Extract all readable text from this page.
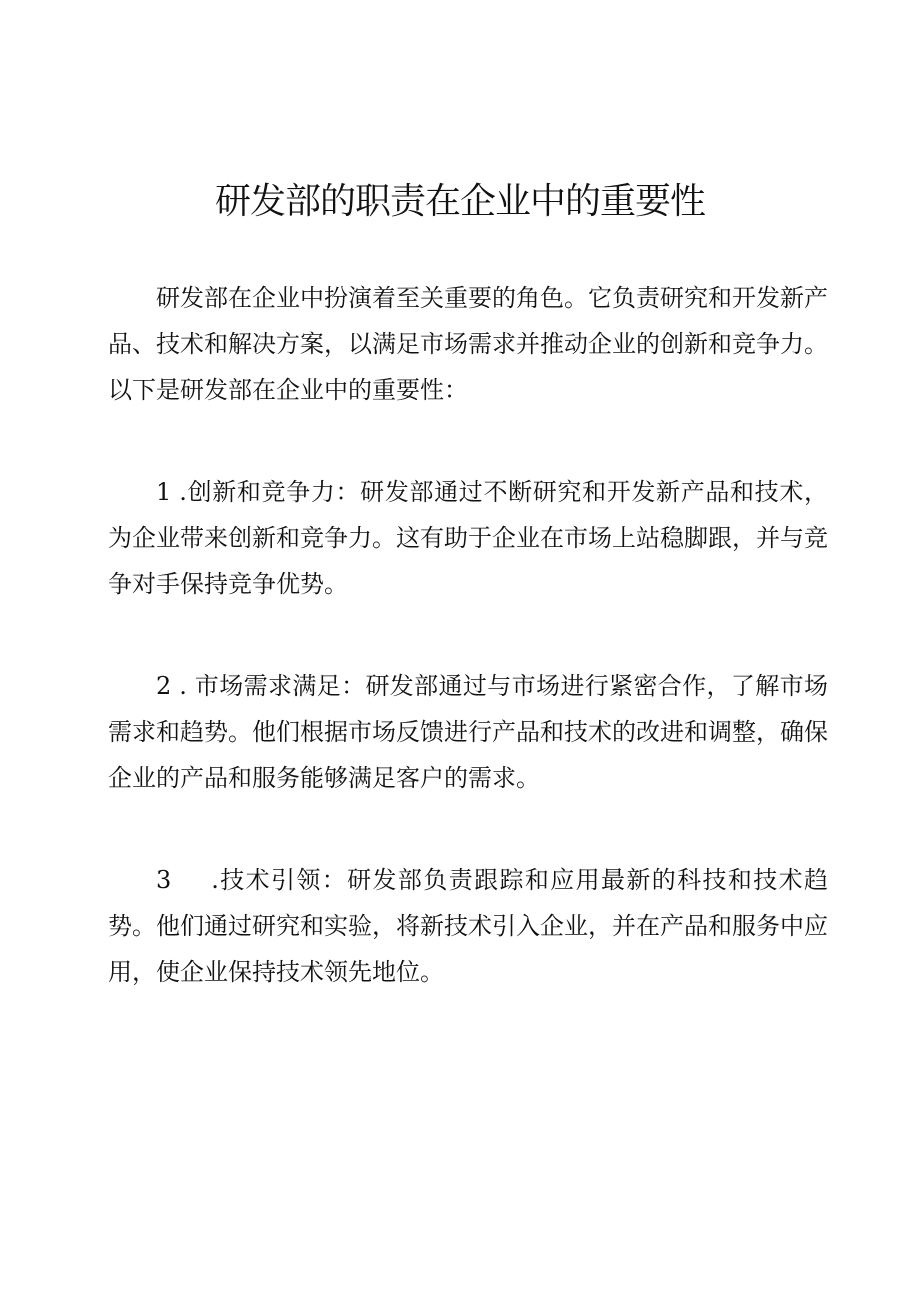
研发部的职责在企业中的重要性

研发部在企业中扮演着至关重要的角色。它负责研究和开发新产品、技术和解决方案，以满足市场需求并推动企业的创新和竞争力。以下是研发部在企业中的重要性：

1 .创新和竞争力：研发部通过不断研究和开发新产品和技术，为企业带来创新和竞争力。这有助于企业在市场上站稳脚跟，并与竞争对手保持竞争优势。

2 . 市场需求满足：研发部通过与市场进行紧密合作，了解市场需求和趋势。他们根据市场反馈进行产品和技术的改进和调整，确保企业的产品和服务能够满足客户的需求。

3 .技术引领：研发部负责跟踪和应用最新的科技和技术趋势。他们通过研究和实验，将新技术引入企业，并在产品和服务中应用，使企业保持技术领先地位。
